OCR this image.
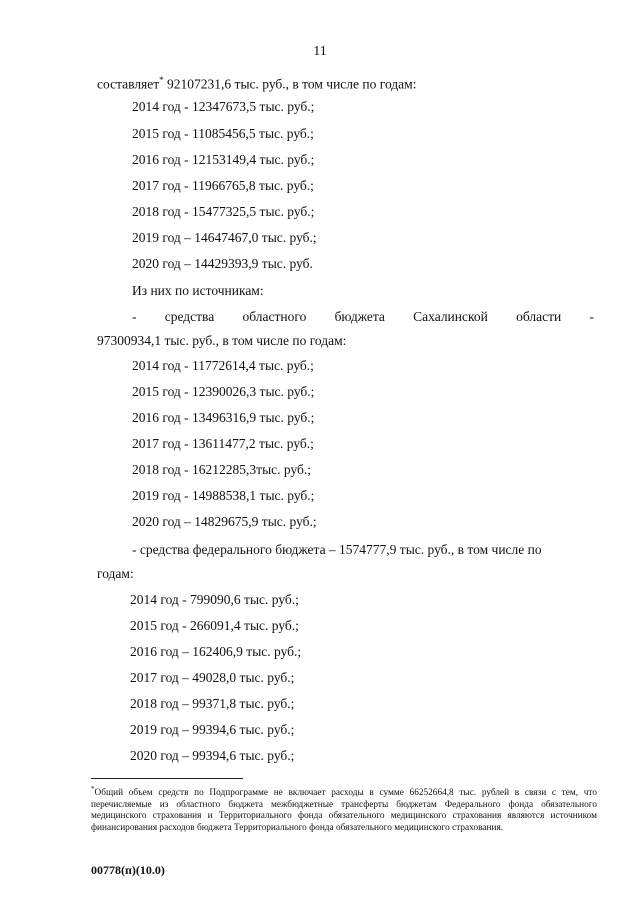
11
составляет* 92107231,6 тыс. руб., в том числе по годам:
2014 год - 12347673,5 тыс. руб.;
2015 год - 11085456,5 тыс. руб.;
2016 год - 12153149,4 тыс. руб.;
2017 год - 11966765,8 тыс. руб.;
2018 год - 15477325,5 тыс. руб.;
2019 год – 14647467,0 тыс. руб.;
2020 год – 14429393,9 тыс. руб.
Из них по источникам:
- средства областного бюджета Сахалинской области -
97300934,1 тыс. руб., в том числе по годам:
2014 год - 11772614,4 тыс. руб.;
2015 год - 12390026,3 тыс. руб.;
2016 год - 13496316,9 тыс. руб.;
2017 год - 13611477,2 тыс. руб.;
2018 год - 16212285,3тыс. руб.;
2019 год - 14988538,1 тыс. руб.;
2020 год – 14829675,9 тыс. руб.;
- средства федерального бюджета – 1574777,9 тыс. руб., в том числе по
годам:
2014 год - 799090,6 тыс. руб.;
2015 год - 266091,4 тыс. руб.;
2016 год – 162406,9 тыс. руб.;
2017 год – 49028,0 тыс. руб.;
2018 год – 99371,8 тыс. руб.;
2019 год – 99394,6 тыс. руб.;
2020 год – 99394,6 тыс. руб.;
*Общий объем средств по Подпрограмме не включает расходы в сумме 66252664,8 тыс. рублей в связи с тем, что перечисляемые из областного бюджета межбюджетные трансферты бюджетам Федерального фонда обязательного медицинского страхования и Территориального фонда обязательного медицинского страхования являются источником финансирования расходов бюджета Территориального фонда обязательного медицинского страхования.
00778(п)(10.0)
